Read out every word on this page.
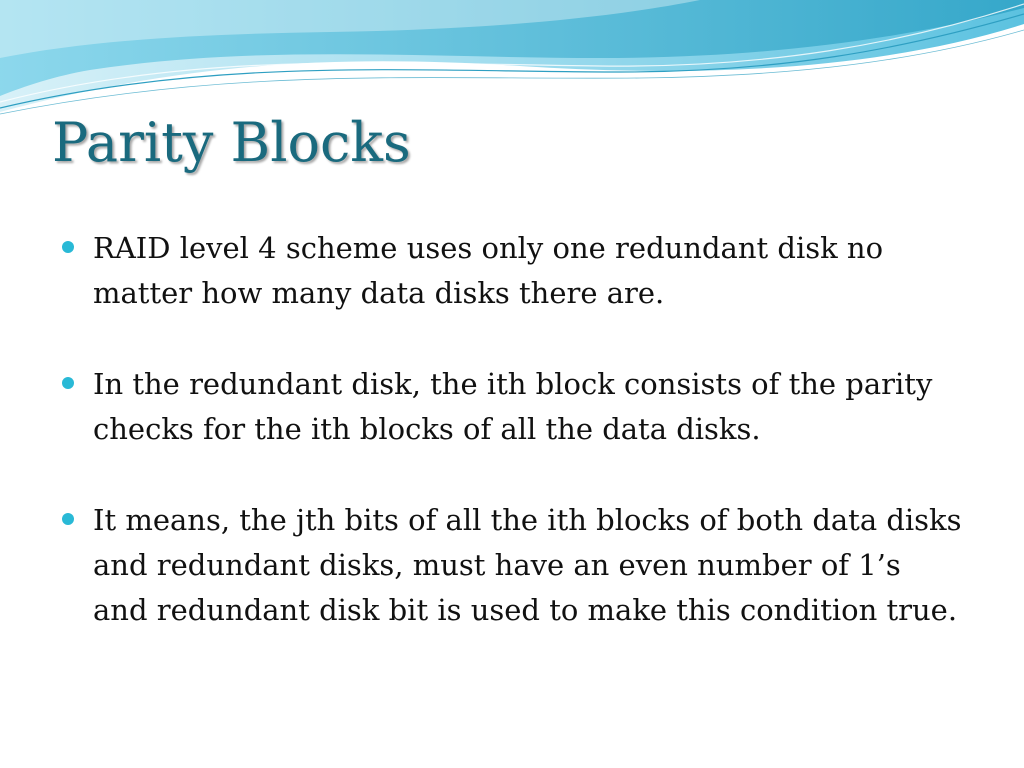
Parity Blocks
RAID level 4 scheme uses only one redundant disk no matter how many data disks there are.
In the redundant disk, the ith block consists of the parity checks for the ith blocks of all the data disks.
It means, the jth bits of all the ith blocks of both data disks and redundant disks, must have an even number of 1’s and redundant disk bit is used to make this condition true.
